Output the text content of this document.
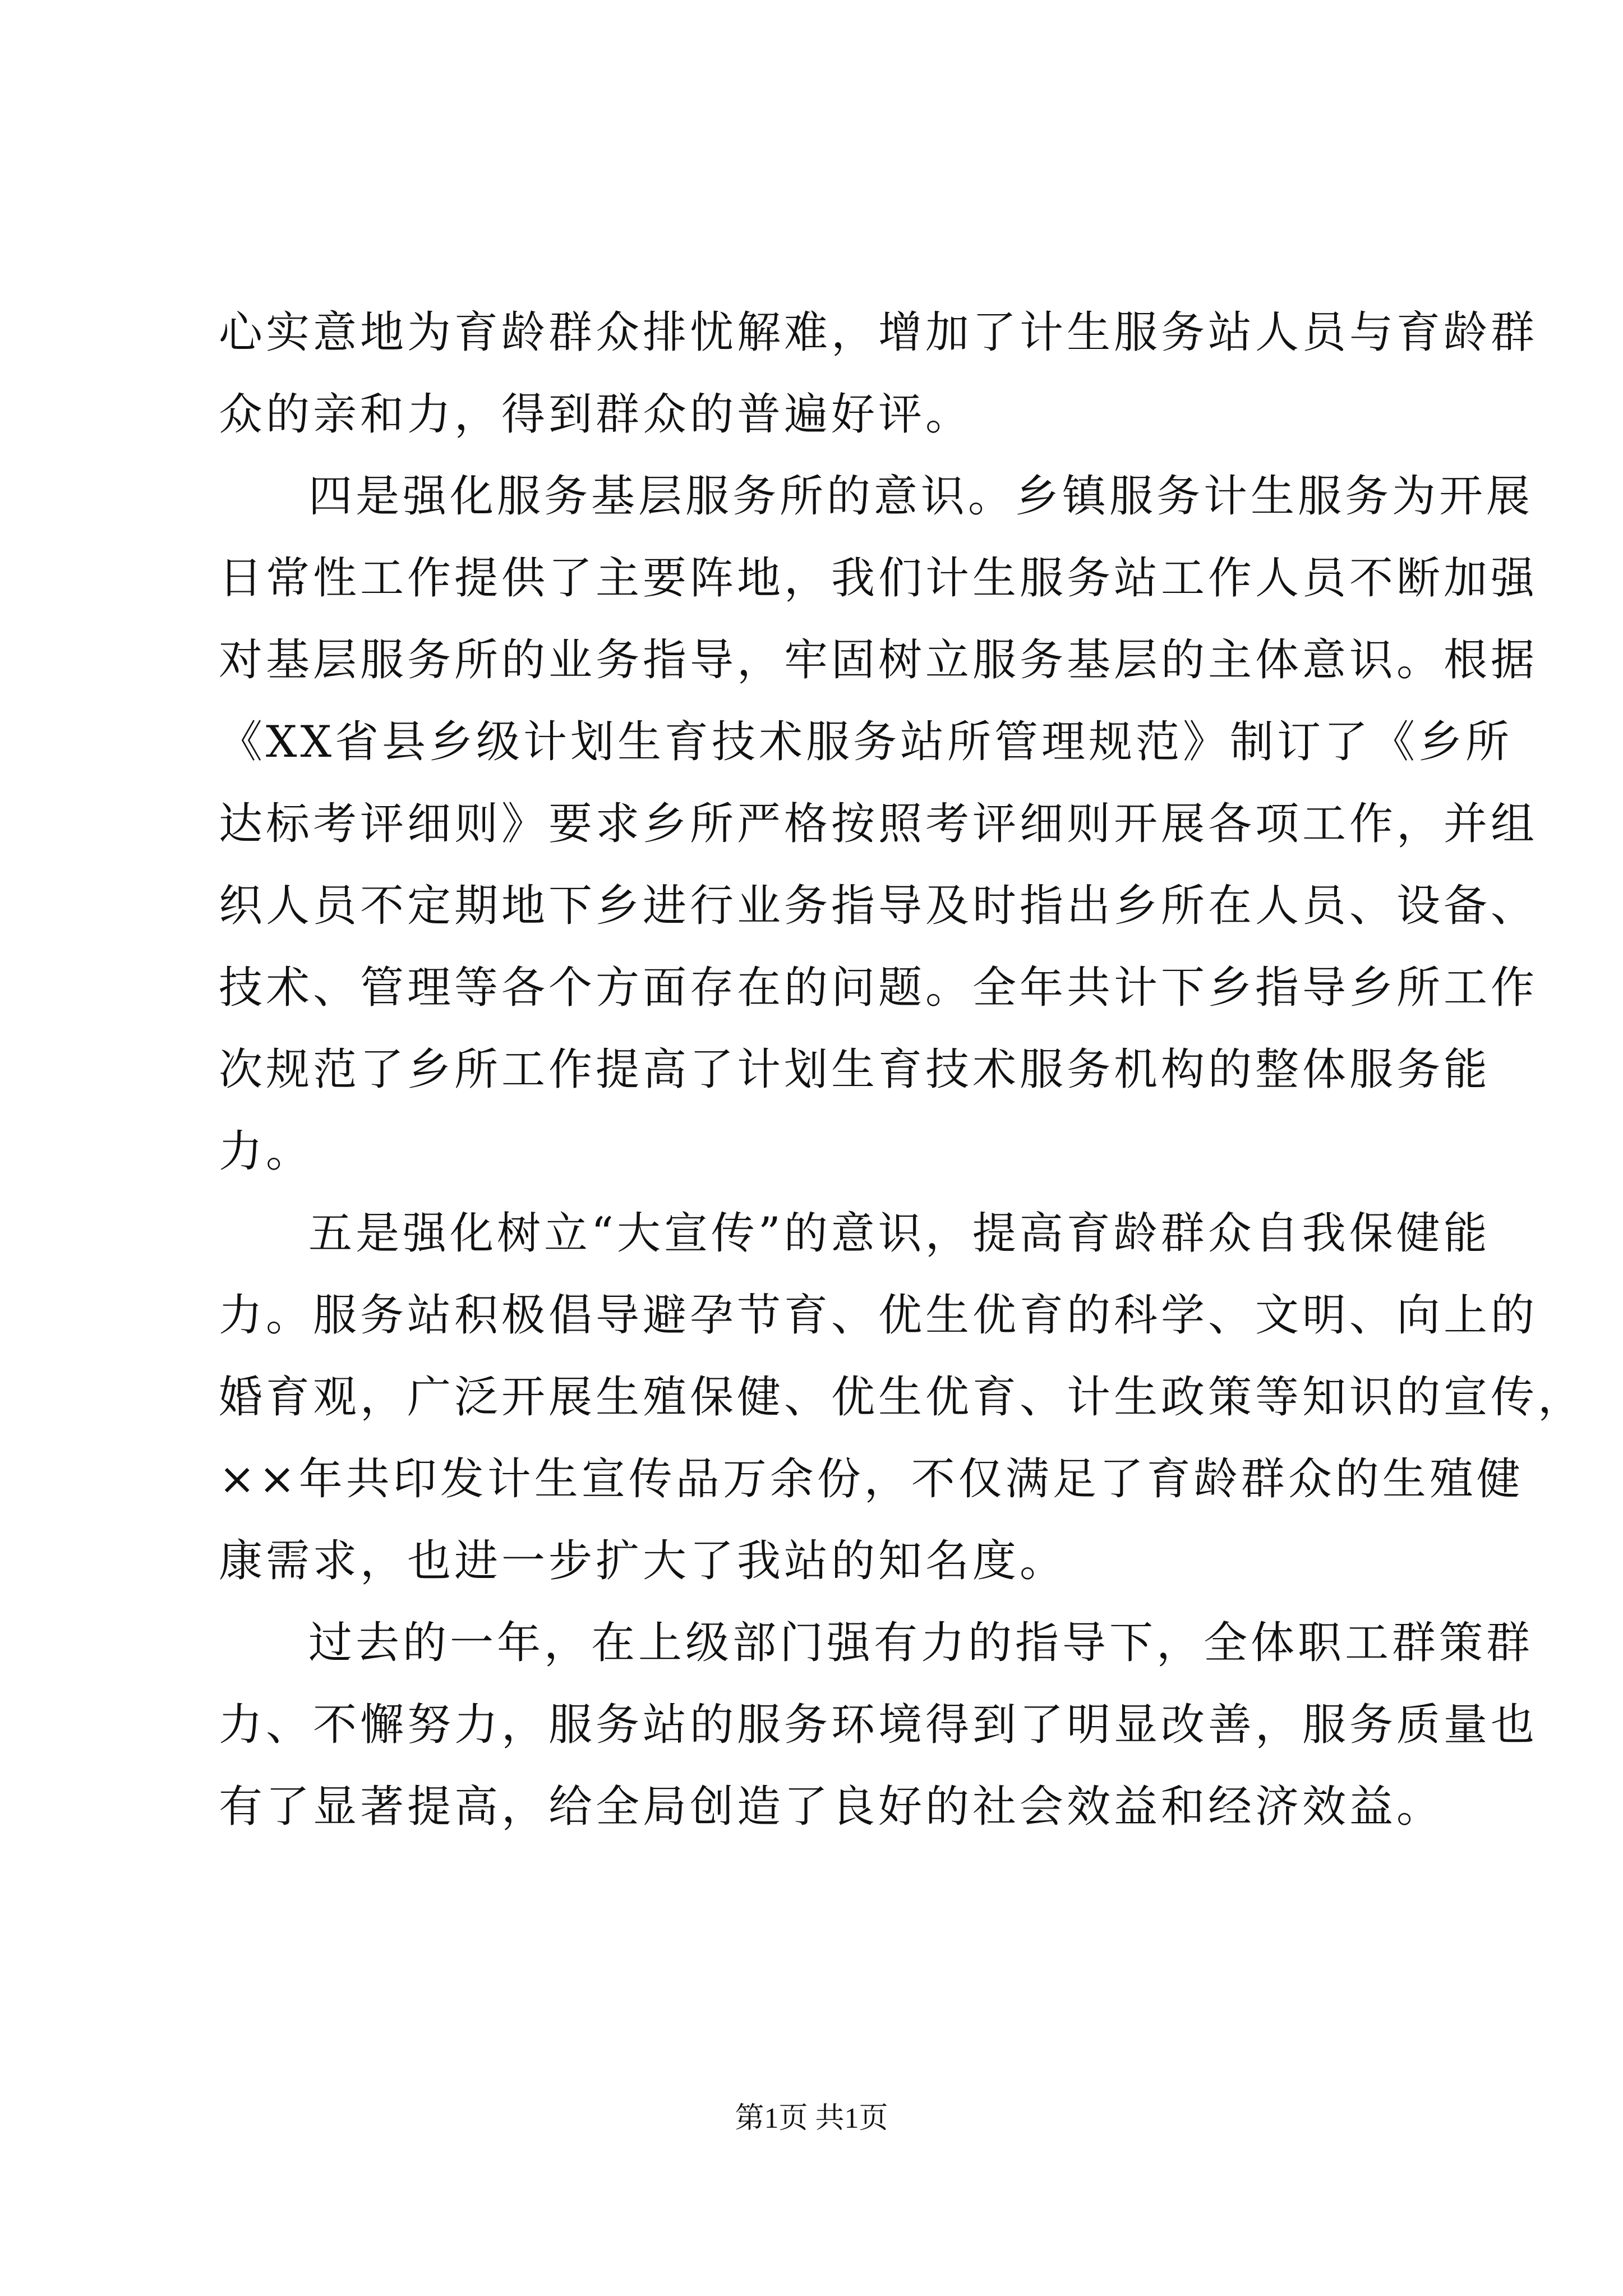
心实意地为育龄群众排忧解难，增加了计生服务站人员与育龄群
众的亲和力，得到群众的普遍好评。
四是强化服务基层服务所的意识。乡镇服务计生服务为开展
日常性工作提供了主要阵地，我们计生服务站工作人员不断加强
对基层服务所的业务指导，牢固树立服务基层的主体意识。根据
《XX省县乡级计划生育技术服务站所管理规范》制订了《乡所
达标考评细则》要求乡所严格按照考评细则开展各项工作，并组
织人员不定期地下乡进行业务指导及时指出乡所在人员、设备、
技术、管理等各个方面存在的问题。全年共计下乡指导乡所工作
次规范了乡所工作提高了计划生育技术服务机构的整体服务能
力。
五是强化树立“大宣传”的意识，提高育龄群众自我保健能
力。服务站积极倡导避孕节育、优生优育的科学、文明、向上的
婚育观，广泛开展生殖保健、优生优育、计生政策等知识的宣传，
××年共印发计生宣传品万余份，不仅满足了育龄群众的生殖健
康需求，也进一步扩大了我站的知名度。
过去的一年，在上级部门强有力的指导下，全体职工群策群
力、不懈努力，服务站的服务环境得到了明显改善，服务质量也
有了显著提高，给全局创造了良好的社会效益和经济效益。
第1页 共1页
